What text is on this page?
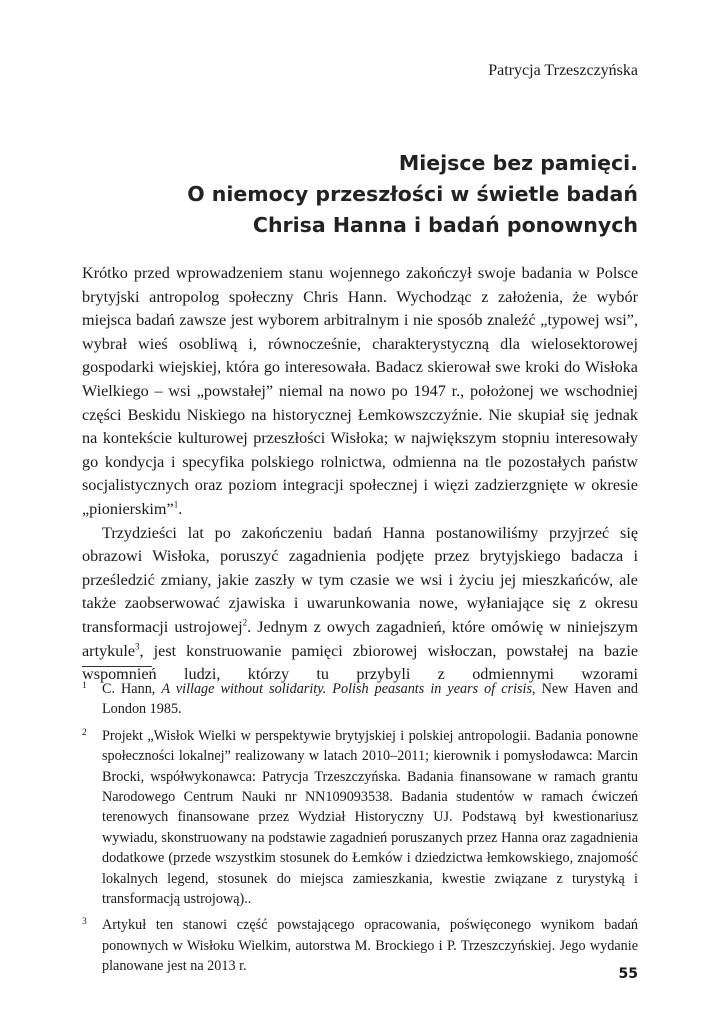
Patrycja Trzeszczyńska
Miejsce bez pamięci.
O niemocy przeszłości w świetle badań
Chrisa Hanna i badań ponownych

Krótko przed wprowadzeniem stanu wojennego zakończył swoje badania w Polsce brytyjski antropolog społeczny Chris Hann. Wychodząc z założenia, że wybór miejsca badań zawsze jest wyborem arbitralnym i nie sposób znaleźć „typowej wsi”, wybrał wieś osobliwą i, równocześnie, charakterystyczną dla wielosektorowej gospodarki wiejskiej, która go interesowała. Badacz skierował swe kroki do Wisłoka Wielkiego – wsi „powstałej” niemal na nowo po 1947 r., położonej we wschodniej części Beskidu Niskiego na historycznej Łemkowszczyźnie. Nie skupiał się jednak na kontekście kulturowej przeszłości Wisłoka; w największym stopniu interesowały go kondycja i specyfika polskiego rolnictwa, odmienna na tle pozostałych państw socjalistycznych oraz poziom integracji społecznej i więzi zadzierzgnięte w okresie „pionierskim”$^1$.

Trzydzieści lat po zakończeniu badań Hanna postanowiliśmy przyjrzeć się obrazowi Wisłoka, poruszyć zagadnienia podjęte przez brytyjskiego badacza i prześledzić zmiany, jakie zaszły w tym czasie we wsi i życiu jej mieszkańców, ale także zaobserwować zjawiska i uwarunkowania nowe, wyłaniające się z okresu transformacji ustrojowej$^2$. Jednym z owych zagadnień, które omówię w niniejszym artykule$^3$, jest konstruowanie pamięci zbiorowej wisłoczan, powstałej na bazie wspomnień ludzi, którzy tu przybyli z odmiennymi wzorami

1 C. Hann, A village without solidarity. Polish peasants in years of crisis, New Haven and London 1985.
2 Projekt „Wisłok Wielki w perspektywie brytyjskiej i polskiej antropologii. Badania ponowne społeczności lokalnej” realizowany w latach 2010–2011; kierownik i pomysłodawca: Marcin Brocki, współwykonawca: Patrycja Trzeszczyńska. Badania finansowane w ramach grantu Narodowego Centrum Nauki nr NN109093538. Badania studentów w ramach ćwiczeń terenowych finansowane przez Wydział Historyczny UJ. Podstawą był kwestionariusz wywiadu, skonstruowany na podstawie zagadnień poruszanych przez Hanna oraz zagadnienia dodatkowe (przede wszystkim stosunek do Łemków i dziedzictwa łemkowskiego, znajomość lokalnych legend, stosunek do miejsca zamieszkania, kwestie związane z turystyką i transformacją ustrojową)..
3 Artykuł ten stanowi część powstającego opracowania, poświęconego wynikom badań ponownych w Wisłoku Wielkim, autorstwa M. Brockiego i P. Trzeszczyńskiej. Jego wydanie planowane jest na 2013 r.	55
